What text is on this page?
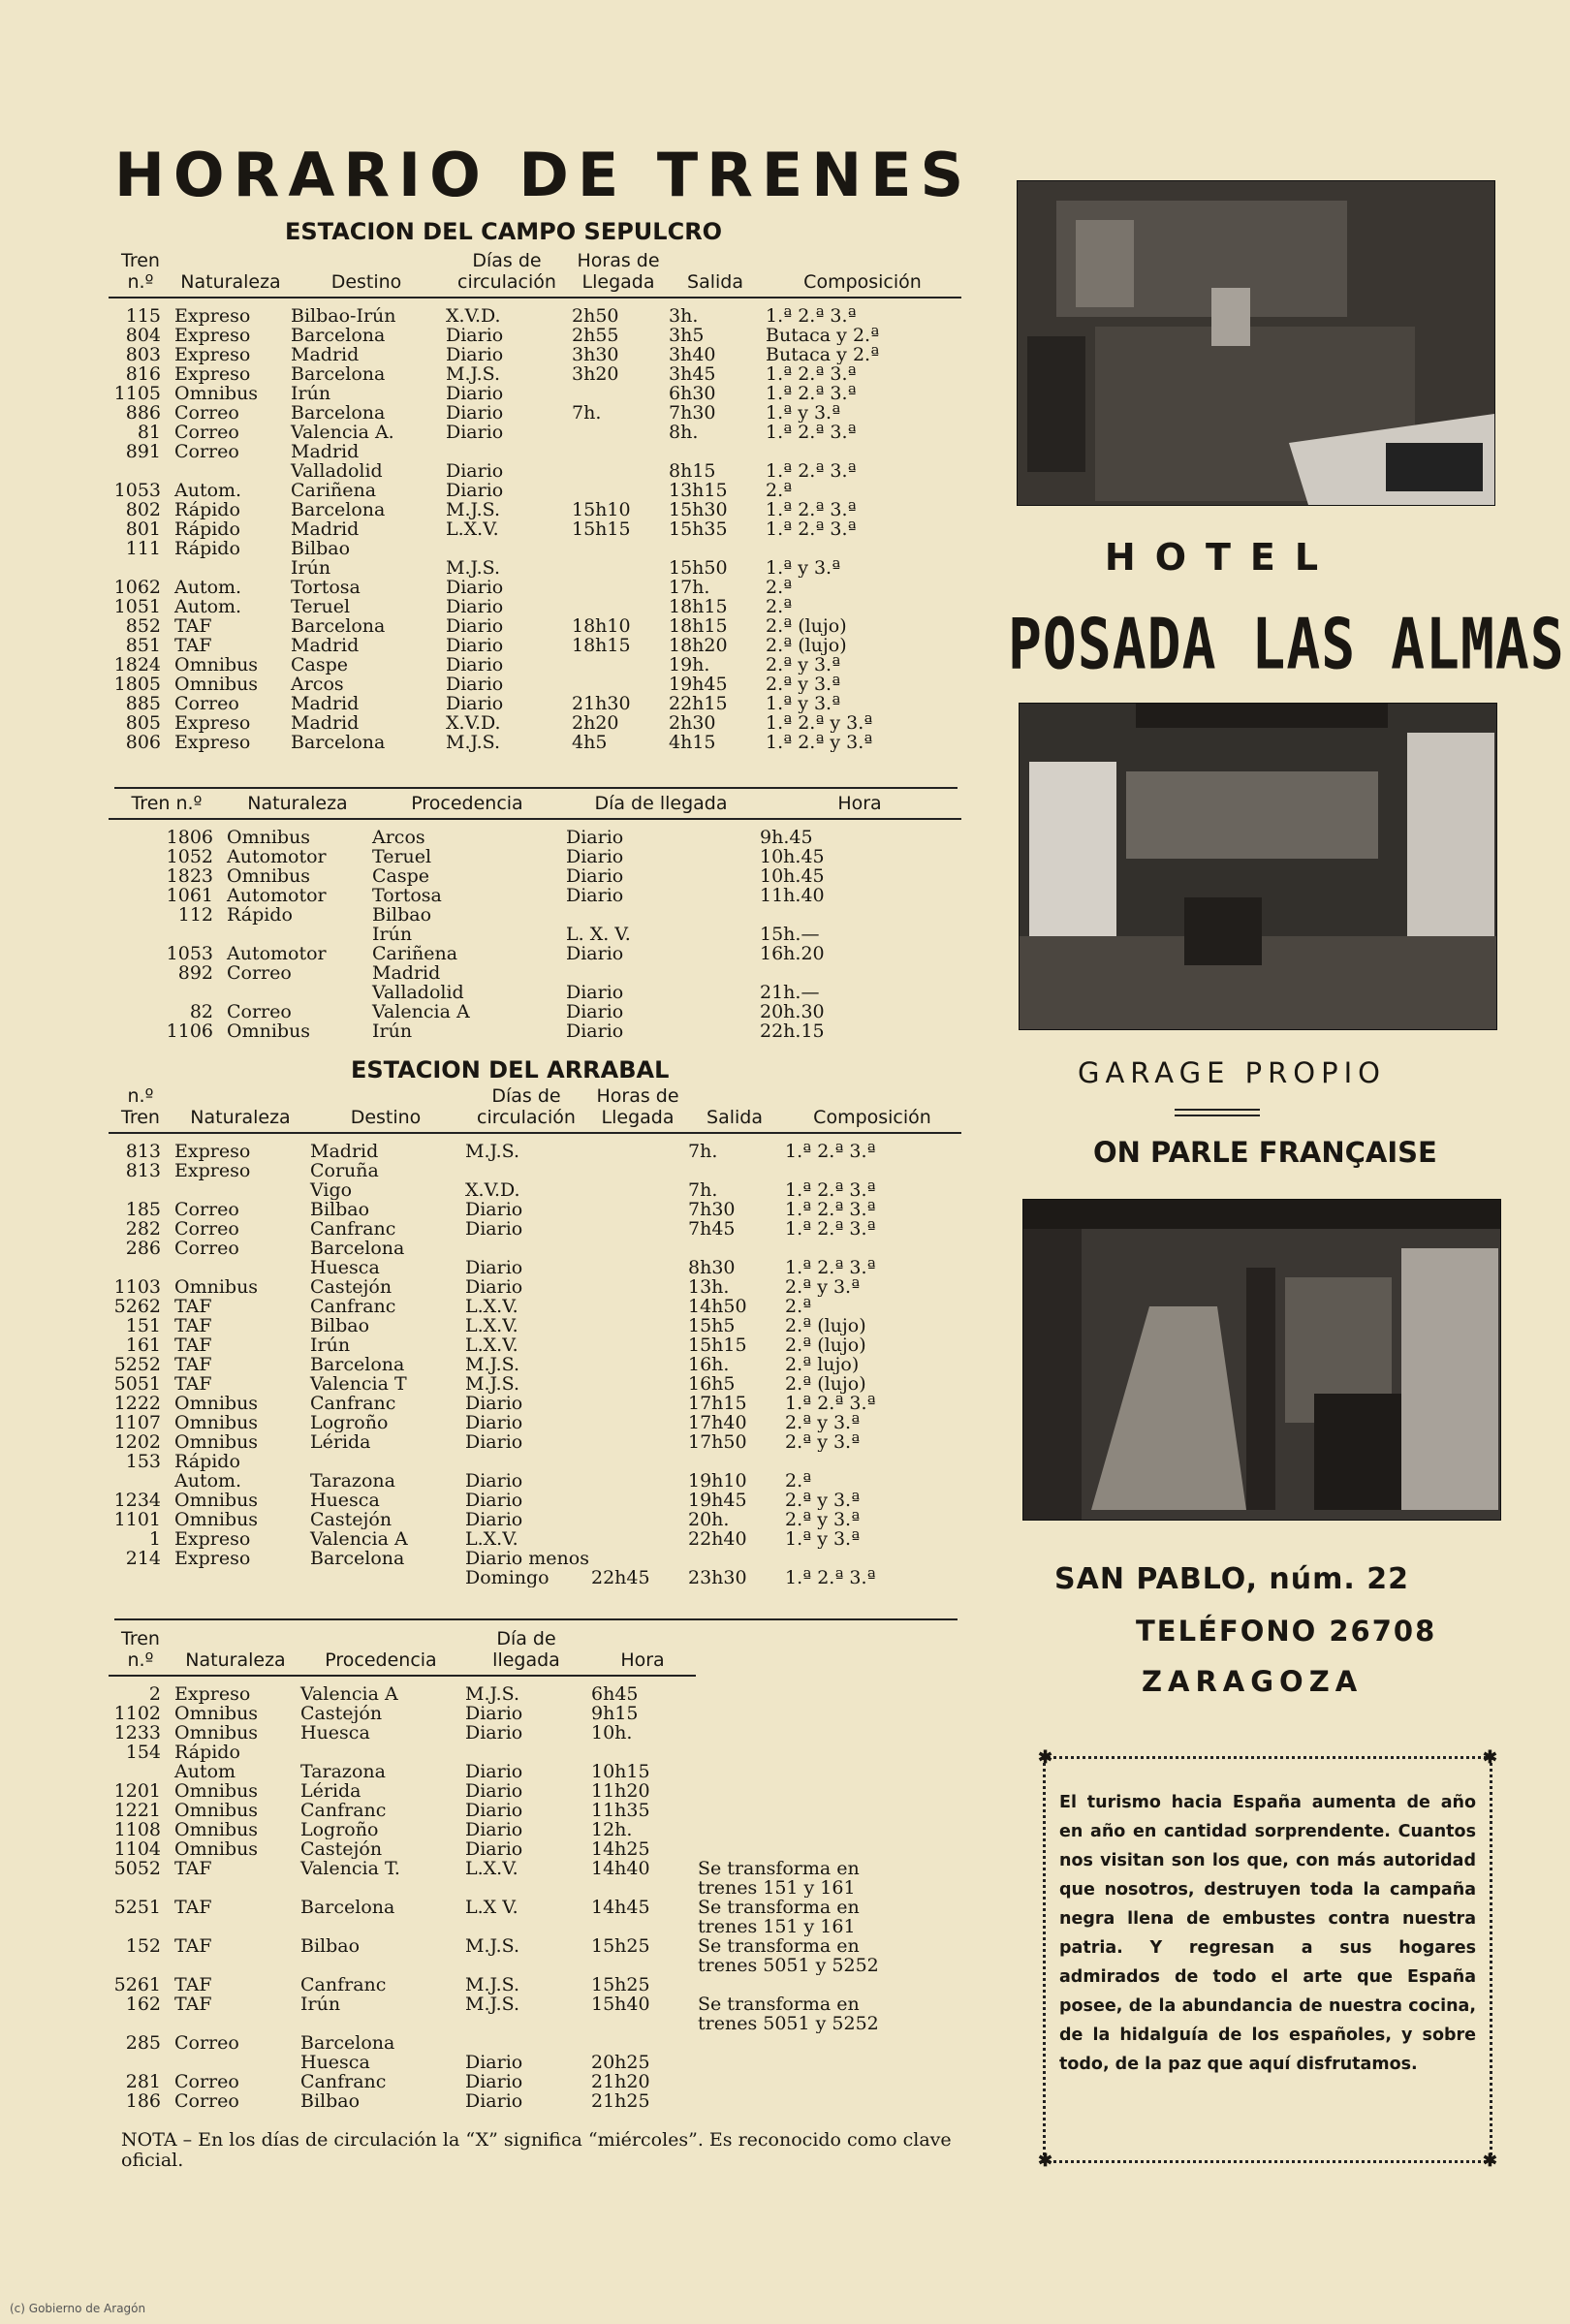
HORARIO DE TRENES
ESTACION DEL CAMPO SEPULCRO
Tren
n.º	Naturaleza	Destino	Días de
circulación	Horas de
Llegada	Salida	Composición
115	Expreso	Bilbao-Irún	X.V.D.	2h50	3h.	1.ª 2.ª 3.ª
804	Expreso	Barcelona	Diario	2h55	3h5	Butaca y 2.ª
803	Expreso	Madrid	Diario	3h30	3h40	Butaca y 2.ª
816	Expreso	Barcelona	M.J.S.	3h20	3h45	1.ª 2.ª 3.ª
1105	Omnibus	Irún	Diario		6h30	1.ª 2.ª 3.ª
886	Correo	Barcelona	Diario	7h.	7h30	1.ª y 3.ª
81	Correo	Valencia A.	Diario		8h.	1.ª 2.ª 3.ª
891	Correo	Madrid				
		Valladolid	Diario		8h15	1.ª 2.ª 3.ª
1053	Autom.	Cariñena	Diario		13h15	2.ª
802	Rápido	Barcelona	M.J.S.	15h10	15h30	1.ª 2.ª 3.ª
801	Rápido	Madrid	L.X.V.	15h15	15h35	1.ª 2.ª 3.ª
111	Rápido	Bilbao				
		Irún	M.J.S.		15h50	1.ª y 3.ª
1062	Autom.	Tortosa	Diario		17h.	2.ª
1051	Autom.	Teruel	Diario		18h15	2.ª
852	TAF	Barcelona	Diario	18h10	18h15	2.ª (lujo)
851	TAF	Madrid	Diario	18h15	18h20	2.ª (lujo)
1824	Omnibus	Caspe	Diario		19h.	2.ª y 3.ª
1805	Omnibus	Arcos	Diario		19h45	2.ª y 3.ª
885	Correo	Madrid	Diario	21h30	22h15	1.ª y 3.ª
805	Expreso	Madrid	X.V.D.	2h20	2h30	1.ª 2.ª y 3.ª
806	Expreso	Barcelona	M.J.S.	4h5	4h15	1.ª 2.ª y 3.ª
Tren n.º	Naturaleza	Procedencia	Día de llegada	Hora
1806	Omnibus	Arcos	Diario	9h.45
1052	Automotor	Teruel	Diario	10h.45
1823	Omnibus	Caspe	Diario	10h.45
1061	Automotor	Tortosa	Diario	11h.40
112	Rápido	Bilbao		
		Irún	L. X. V.	15h.—
1053	Automotor	Cariñena	Diario	16h.20
892	Correo	Madrid		
		Valladolid	Diario	21h.—
82	Correo	Valencia A	Diario	20h.30
1106	Omnibus	Irún	Diario	22h.15
ESTACION DEL ARRABAL
n.º
Tren	Naturaleza	Destino	Días de
circulación	Horas de
Llegada	Salida	Composición
813	Expreso	Madrid	M.J.S.		7h.	1.ª 2.ª 3.ª
813	Expreso	Coruña				
		Vigo	X.V.D.		7h.	1.ª 2.ª 3.ª
185	Correo	Bilbao	Diario		7h30	1.ª 2.ª 3.ª
282	Correo	Canfranc	Diario		7h45	1.ª 2.ª 3.ª
286	Correo	Barcelona				
		Huesca	Diario		8h30	1.ª 2.ª 3.ª
1103	Omnibus	Castejón	Diario		13h.	2.ª y 3.ª
5262	TAF	Canfranc	L.X.V.		14h50	2.ª
151	TAF	Bilbao	L.X.V.		15h5	2.ª (lujo)
161	TAF	Irún	L.X.V.		15h15	2.ª (lujo)
5252	TAF	Barcelona	M.J.S.		16h.	2.ª lujo)
5051	TAF	Valencia T	M.J.S.		16h5	2.ª (lujo)
1222	Omnibus	Canfranc	Diario		17h15	1.ª 2.ª 3.ª
1107	Omnibus	Logroño	Diario		17h40	2.ª y 3.ª
1202	Omnibus	Lérida	Diario		17h50	2.ª y 3.ª
153	Rápido					
	Autom.	Tarazona	Diario		19h10	2.ª
1234	Omnibus	Huesca	Diario		19h45	2.ª y 3.ª
1101	Omnibus	Castejón	Diario		20h.	2.ª y 3.ª
1	Expreso	Valencia A	L.X.V.		22h40	1.ª y 3.ª
214	Expreso	Barcelona	Diario menos			
			Domingo	22h45	23h30	1.ª 2.ª 3.ª
Tren
n.º	Naturaleza	Procedencia	Día de
llegada	Hora	
2	Expreso	Valencia A	M.J.S.	6h45	
1102	Omnibus	Castejón	Diario	9h15	
1233	Omnibus	Huesca	Diario	10h.	
154	Rápido				
	Autom	Tarazona	Diario	10h15	
1201	Omnibus	Lérida	Diario	11h20	
1221	Omnibus	Canfranc	Diario	11h35	
1108	Omnibus	Logroño	Diario	12h.	
1104	Omnibus	Castejón	Diario	14h25	
5052	TAF	Valencia T.	L.X.V.	14h40	Se transforma en
					trenes 151 y 161
5251	TAF	Barcelona	L.X V.	14h45	Se transforma en
					trenes 151 y 161
152	TAF	Bilbao	M.J.S.	15h25	Se transforma en
					trenes 5051 y 5252
5261	TAF	Canfranc	M.J.S.	15h25	
162	TAF	Irún	M.J.S.	15h40	Se transforma en
					trenes 5051 y 5252

285	Correo	Barcelona			
		Huesca	Diario	20h25	
281	Correo	Canfranc	Diario	21h20	
186	Correo	Bilbao	Diario	21h25	
NOTA – En los días de circulación la “X” significa “miércoles”. Es reconocido como clave oficial.
HOTEL
POSADA LAS ALMAS
GARAGE PROPIO
ON PARLE FRANÇAISE
SAN PABLO, núm. 22
TELÉFONO 26708
ZARAGOZA
✱	✱
✱	✱
El turismo hacia España aumenta de año en año en cantidad sorprendente. Cuantos nos visitan son los que, con más autoridad que nosotros, destruyen toda la campaña negra llena de embustes contra nuestra patria. Y regresan a sus hogares admirados de todo el arte que España posee, de la abundancia de nuestra cocina, de la hidalguía de los españoles, y sobre todo, de la paz que aquí disfrutamos.
(c) Gobierno de Aragón
